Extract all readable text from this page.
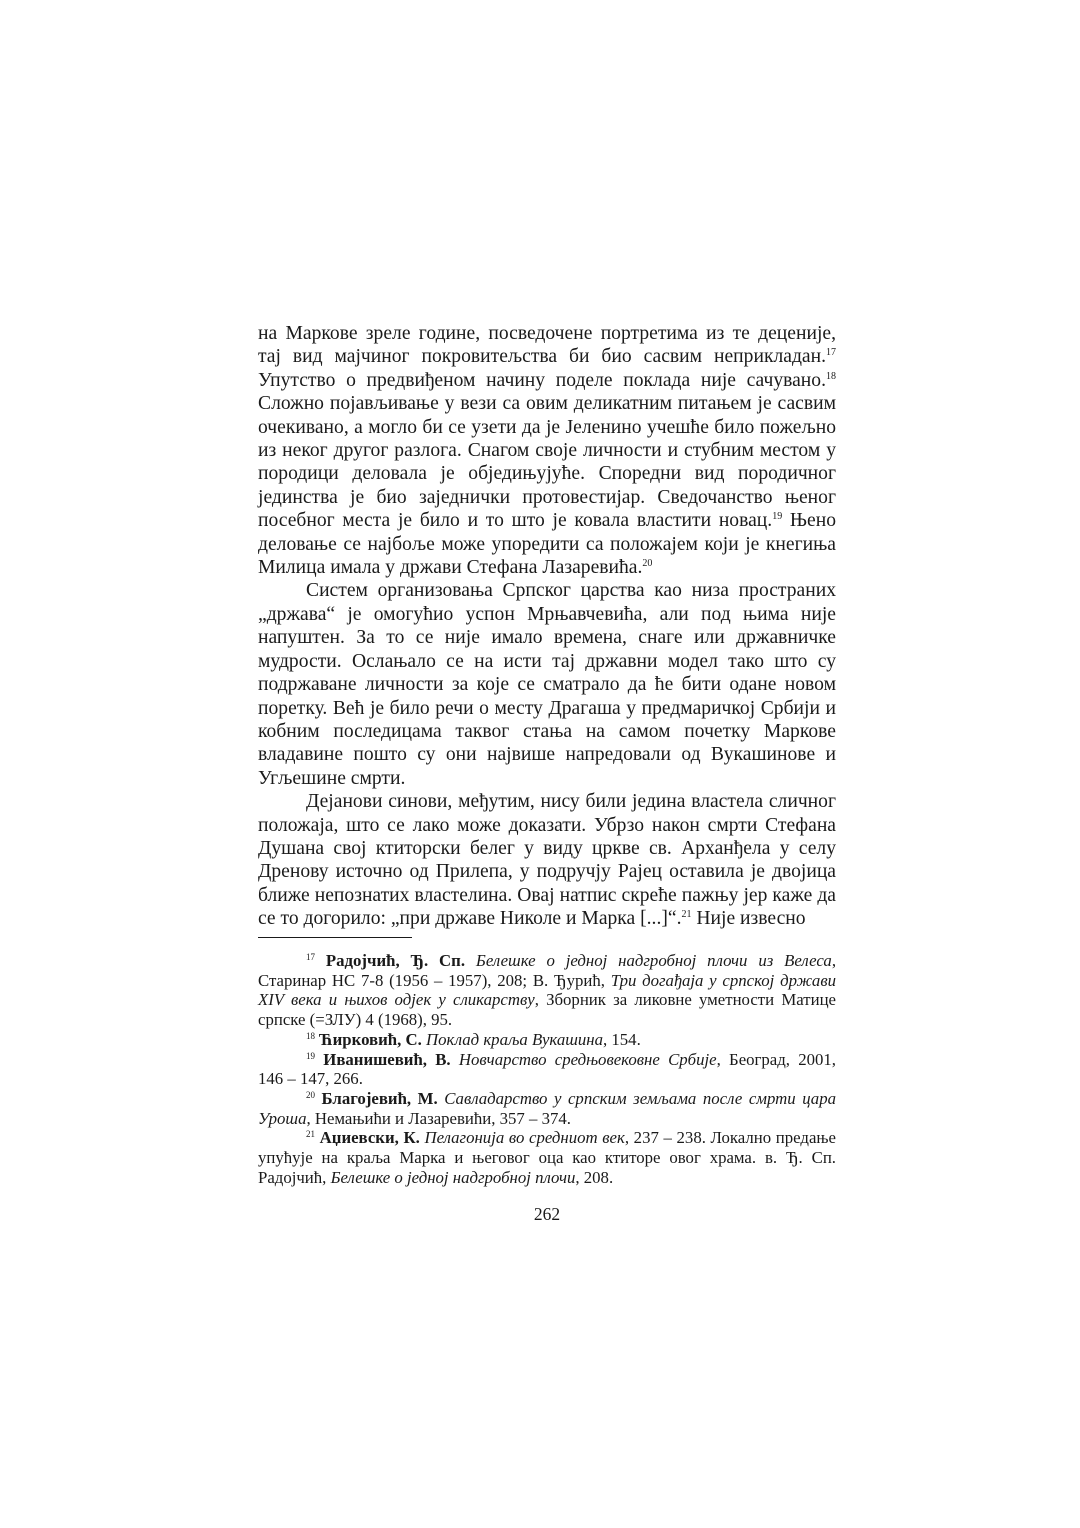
на Маркове зреле године, посведочене портретима из те деценије, тај вид мајчиног покровитељства би био сасвим неприкладан.$^{17}$ Упутство о предвиђеном начину поделе поклада није сачувано.$^{18}$ Сложно појављивање у вези са овим деликатним питањем је сасвим очекивано, а могло би се узети да је Јеленино учешће било пожељно из неког другог разлога. Снагом своје личности и стубним местом у породици деловала је обједињујуће. Споредни вид породичног јединства је био заједнички протовестијар. Сведочанство њеног посебног места је било и то што је ковала властити новац.$^{19}$ Њено деловање се најбоље може упоредити са положајем који је кнегиња Милица имала у држави Стефана Лазаревића.$^{20}$

Систем организовања Српског царства као низа пространих „држава“ је омогућио успон Мрњавчевића, али под њима није напуштен. За то се није имало времена, снаге или државничке мудрости. Ослањало се на исти тај државни модел тако што су подржаване личности за које се сматрало да ће бити одане новом поретку. Већ је било речи о месту Драгаша у предмаричкој Србији и кобним последицама таквог стања на самом почетку Маркове владавине пошто су они највише напредовали од Вукашинове и Угљешине смрти.

Дејанови синови, међутим, нису били једина властела сличног положаја, што се лако може доказати. Убрзо након смрти Стефана Душана свој ктиторски белег у виду цркве св. Арханђела у селу Дренову источно од Прилепа, у подручју Рајец оставила је двојица ближе непознатих властелина. Овај натпис скреће пажњу јер каже да се то догорило: „при државе Николе и Марка [...]“.$^{21}$ Није извесно

$^{17}$ Радојчић, Ђ. Сп. Белешке о једној надгробној плочи из Велеса, Старинар НС 7-8 (1956 – 1957), 208; В. Ђурић, Три догађаја у српској држави XIV века и њихов одјек у сликарству, Зборник за ликовне уметности Матице српске (=ЗЛУ) 4 (1968), 95.

$^{18}$ Ћирковић, С. Поклад краља Вукашина, 154.

$^{19}$ Иванишевић, В. Новчарство средњовековне Србије, Београд, 2001, 146 – 147, 266.

$^{20}$ Благојевић, М. Савладарство у српским земљама после смрти цара Уроша, Немањићи и Лазаревићи, 357 – 374.

$^{21}$ Аџиевски, К. Пелагонија во средниот век, 237 – 238. Локално предање упућује на краља Марка и његовог оца као ктиторе овог храма. в. Ђ. Сп. Радојчић, Белешке о једној надгробној плочи, 208.

262
